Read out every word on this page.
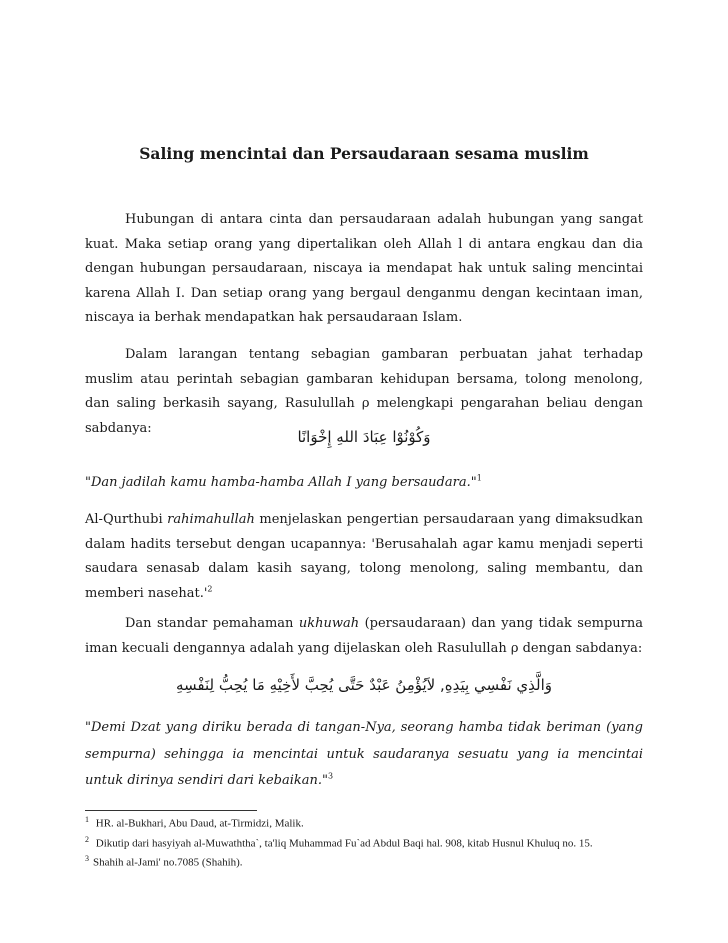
Saling mencintai dan Persaudaraan sesama muslim
Hubungan di antara cinta dan persaudaraan adalah hubungan yang sangat kuat. Maka setiap orang yang dipertalikan oleh Allah l di antara engkau dan dia dengan hubungan persaudaraan, niscaya ia mendapat hak untuk saling mencintai karena Allah I. Dan setiap orang yang bergaul denganmu dengan kecintaan iman, niscaya ia berhak mendapatkan hak persaudaraan Islam.
Dalam larangan tentang sebagian gambaran perbuatan jahat terhadap muslim atau perintah sebagian gambaran kehidupan bersama, tolong menolong, dan saling berkasih sayang, Rasulullah ρ melengkapi pengarahan beliau dengan sabdanya:	وَكُوْنُوْا عِبَادَ اللهِ إِخْوَانًا
"Dan jadilah kamu hamba-hamba Allah I yang bersaudara."$^1$
Al-Qurthubi rahimahullah menjelaskan pengertian persaudaraan yang dimaksudkan dalam hadits tersebut dengan ucapannya: 'Berusahalah agar kamu menjadi seperti saudara senasab dalam kasih sayang, tolong menolong, saling membantu, dan memberi nasehat.'$^2$
Dan standar pemahaman ukhuwah (persaudaraan) dan yang tidak sempurna iman kecuali dengannya adalah yang dijelaskan oleh Rasulullah ρ dengan sabdanya:
وَالَّذِي نَفْسِي بِيَدِهِ, لاَيُؤْمِنُ عَبْدٌ حَتَّى يُحِبَّ لأَخِيْهِ مَا يُحِبُّ لِنَفْسِهِ
"Demi Dzat yang diriku berada di tangan-Nya, seorang hamba tidak beriman (yang sempurna) sehingga ia mencintai untuk saudaranya sesuatu yang ia mencintai untuk dirinya sendiri dari kebaikan."$^3$
$^1$ HR. al-Bukhari, Abu Daud, at-Tirmidzi, Malik.
$^2$ Dikutip dari hasyiyah al-Muwaththa`, ta'liq Muhammad Fu`ad Abdul Baqi hal. 908, kitab Husnul Khuluq no. 15.
$^3$ Shahih al-Jami' no.7085 (Shahih).
